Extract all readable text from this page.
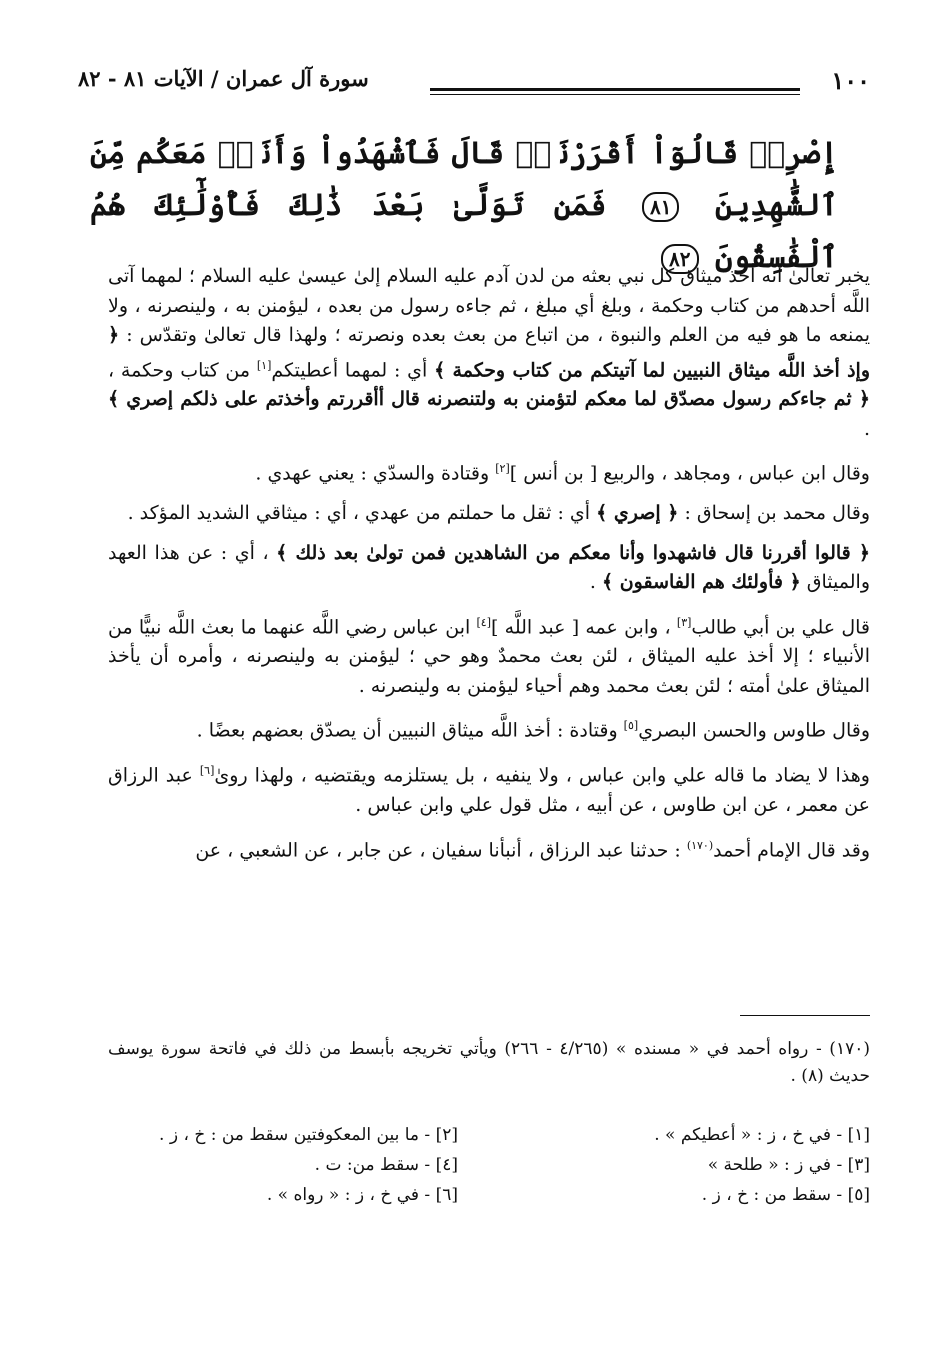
١٠٠
سورة آل عمران / الآيات ٨١ - ٨٢
إِصْرِيۖ قَالُوٓاْ أَقْرَرْنَاۚ قَالَ فَٱشْهَدُواْ وَأَنَا۠ مَعَكُم مِّنَ ٱلشَّٰهِدِينَ ٨١ فَمَن تَوَلَّىٰ بَعْدَ ذَٰلِكَ فَأُوْلَٰٓئِكَ هُمُ ٱلْفَٰسِقُونَ ٨٢

يخبر تعالىٰ أنه أخذ ميثاق كل نبي بعثه من لدن آدم عليه السلام إلىٰ عيسىٰ عليه السلام ؛ لمهما آتى اللَّه أحدهم من كتاب وحكمة ، وبلغ أي مبلغ ، ثم جاءه رسول من بعده ، ليؤمنن به ، ولينصرنه ، ولا يمنعه ما هو فيه من العلم والنبوة ، من اتباع من بعث بعده ونصرته ؛ ولهذا قال تعالىٰ وتقدّس : ﴿ وإذ أخذ اللَّه ميثاق النبيين لما آتيتكم من كتاب وحكمة ﴾ أي : لمهما أعطيتكم[١] من كتاب وحكمة ، ﴿ ثم جاءكم رسول مصدّق لما معكم لتؤمنن به ولتنصرنه قال أأقررتم وأخذتم على ذلكم إصري ﴾ .

وقال ابن عباس ، ومجاهد ، والربيع [ بن أنس ][٢] وقتادة والسدّي : يعني عهدي .

وقال محمد بن إسحاق : ﴿ إصري ﴾ أي : ثقل ما حملتم من عهدي ، أي : ميثاقي الشديد المؤكد .

﴿ قالوا أقررنا قال فاشهدوا وأنا معكم من الشاهدين فمن تولىٰ بعد ذلك ﴾ ، أي : عن هذا العهد والميثاق ﴿ فأولئك هم الفاسقون ﴾ .

قال علي بن أبي طالب[٣] ، وابن عمه [ عبد اللَّه ][٤] ابن عباس رضي اللَّه عنهما ما بعث اللَّه نبيًّا من الأنبياء ؛ إلا أخذ عليه الميثاق ، لئن بعث محمدٌ وهو حي ؛ ليؤمنن به ولينصرنه ، وأمره أن يأخذ الميثاق علىٰ أمته ؛ لئن بعث محمد وهم أحياء ليؤمنن به ولينصرنه .

وقال طاوس والحسن البصري[٥] وقتادة : أخذ اللَّه ميثاق النبيين أن يصدّق بعضهم بعضًا .

وهذا لا يضاد ما قاله علي وابن عباس ، ولا ينفيه ، بل يستلزمه ويقتضيه ، ولهذا روىٰ[٦] عبد الرزاق عن معمر ، عن ابن طاوس ، عن أبيه ، مثل قول علي وابن عباس .

وقد قال الإمام أحمد$^{(١٧٠)}$ : حدثنا عبد الرزاق ، أنبأنا سفيان ، عن جابر ، عن الشعبي ، عن

(١٧٠) - رواه أحمد في « مسنده » (٤/٢٦٥ - ٢٦٦) ويأتي تخريجه بأبسط من ذلك في فاتحة سورة يوسف حديث (٨) .
[١] - في خ ، ز : « أعطيكم » .
[٣] - في ز : « طلحة »
[٥] - سقط من : خ ، ز .
[٢] - ما بين المعكوفتين سقط من : خ ، ز .
[٤] - سقط من: ت .
[٦] - في خ ، ز : « رواه » .
